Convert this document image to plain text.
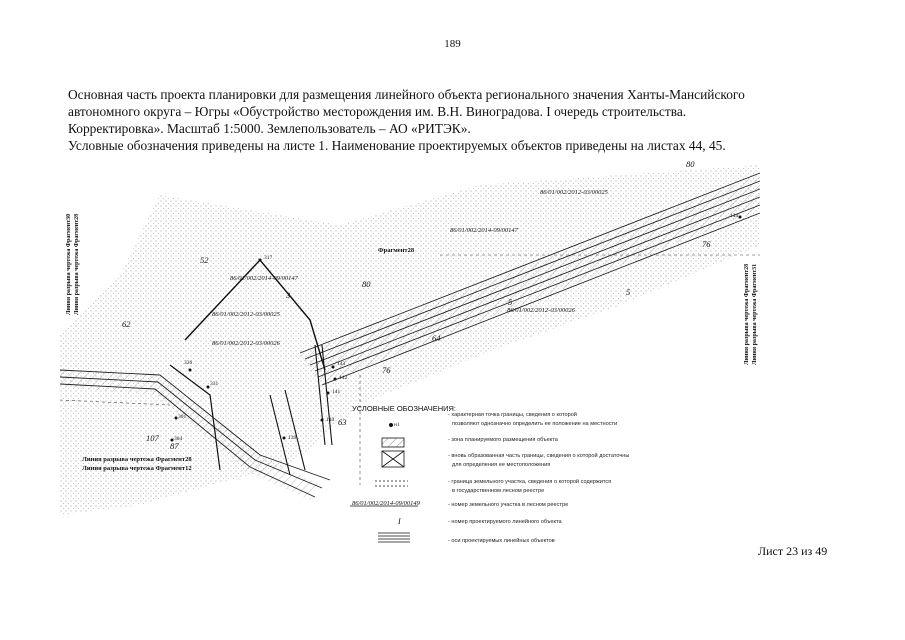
189
Основная часть проекта планировки для размещения линейного объекта регионального значения Ханты-Мансийского
автономного округа – Югры «Обустройство месторождения им. В.Н. Виноградова. I очередь строительства.
Корректировка». Масштаб 1:5000. Землепользователь – АО «РИТЭК».
Условные обозначения приведены на листе 1. Наименование проектируемых объектов приведены на листах 44, 45.
Линия разрыва чертежа Фрагмент30 Линия разрыва чертежа Фрагмент28	Линия разрыва чертежа Фрагмент28 Линия разрыва чертежа Фрагмент31
Линия разрыва чертежа Фрагмент28
Линия разрыва чертежа Фрагмент12
Фрагмент28
86/01/002/2012-03/00025
86/01/002/2014-09/00147
86/01/002/2012-03/00026
86/01/002/2014-09/00147
86/01/002/2012-03/00025
86/01/002/2012-03/00026
80
76
5
52
80
3
5
62
64
76
63
107
87
144
317
326
331
143
142
141
140
139
304
301
УСЛОВНЫЕ ОБОЗНАЧЕНИЯ:
н1
86/01/002/2014-09/00149
I
- характерная точка границы, сведения о которой
позволяют однозначно определить ее положение на местности
- зона планируемого размещения объекта
- вновь образованная часть границы, сведения о которой достаточны
для определения ее местоположения
- граница земельного участка, сведения о которой содержится
в государственном лесном реестре
- номер земельного участка в лесном реестре
- номер проектируемого линейного объекта
- оси проектируемых линейных объектов
Лист 23 из 49
